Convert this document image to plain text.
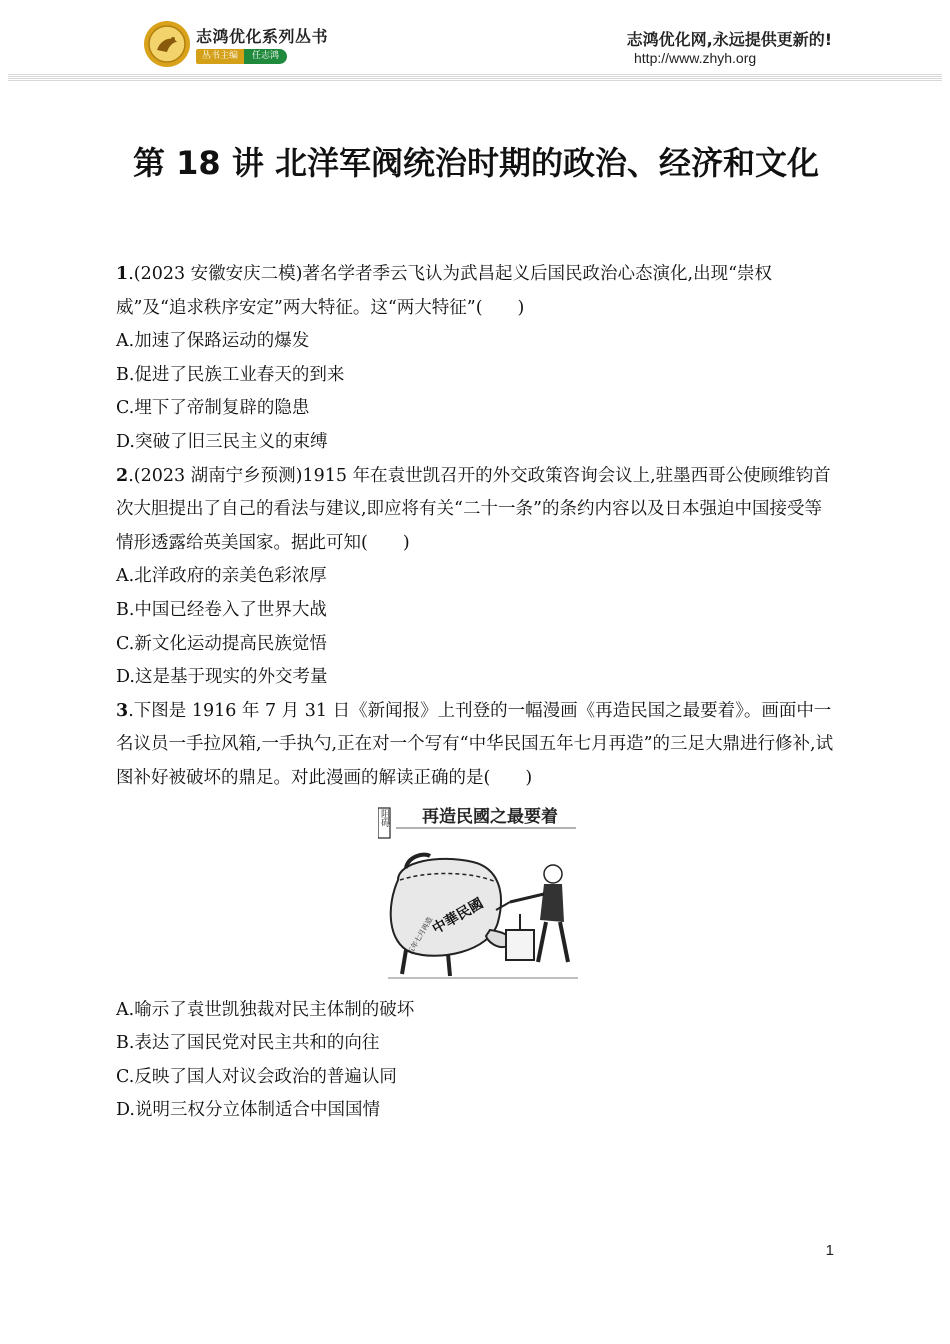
志鸿优化系列丛书
丛书主编	任志鸿
志鸿优化网,永远提供更新的!
http://www.zhyh.org
第 18 讲 北洋军阀统治时期的政治、经济和文化
1.(2023 安徽安庆二模)著名学者季云飞认为武昌起义后国民政治心态演化,出现“崇权威”及“追求秩序安定”两大特征。这“两大特征”(　　)
A.加速了保路运动的爆发
B.促进了民族工业春天的到来
C.埋下了帝制复辟的隐患
D.突破了旧三民主义的束缚
2.(2023 湖南宁乡预测)1915 年在袁世凯召开的外交政策咨询会议上,驻墨西哥公使顾维钧首次大胆提出了自己的看法与建议,即应将有关“二十一条”的条约内容以及日本强迫中国接受等情形透露给英美国家。据此可知(　　)
A.北洋政府的亲美色彩浓厚
B.中国已经卷入了世界大战
C.新文化运动提高民族觉悟
D.这是基于现实的外交考量
3.下图是 1916 年 7 月 31 日《新闻报》上刊登的一幅漫画《再造民国之最要着》。画面中一名议员一手拉风箱,一手执勺,正在对一个写有“中华民国五年七月再造”的三足大鼎进行修补,试图补好被破坏的鼎足。对此漫画的解读正确的是(　　)
阻碍 再造民國之最要着
中華民國
五年七月再造
A.喻示了袁世凯独裁对民主体制的破坏
B.表达了国民党对民主共和的向往
C.反映了国人对议会政治的普遍认同
D.说明三权分立体制适合中国国情
1
